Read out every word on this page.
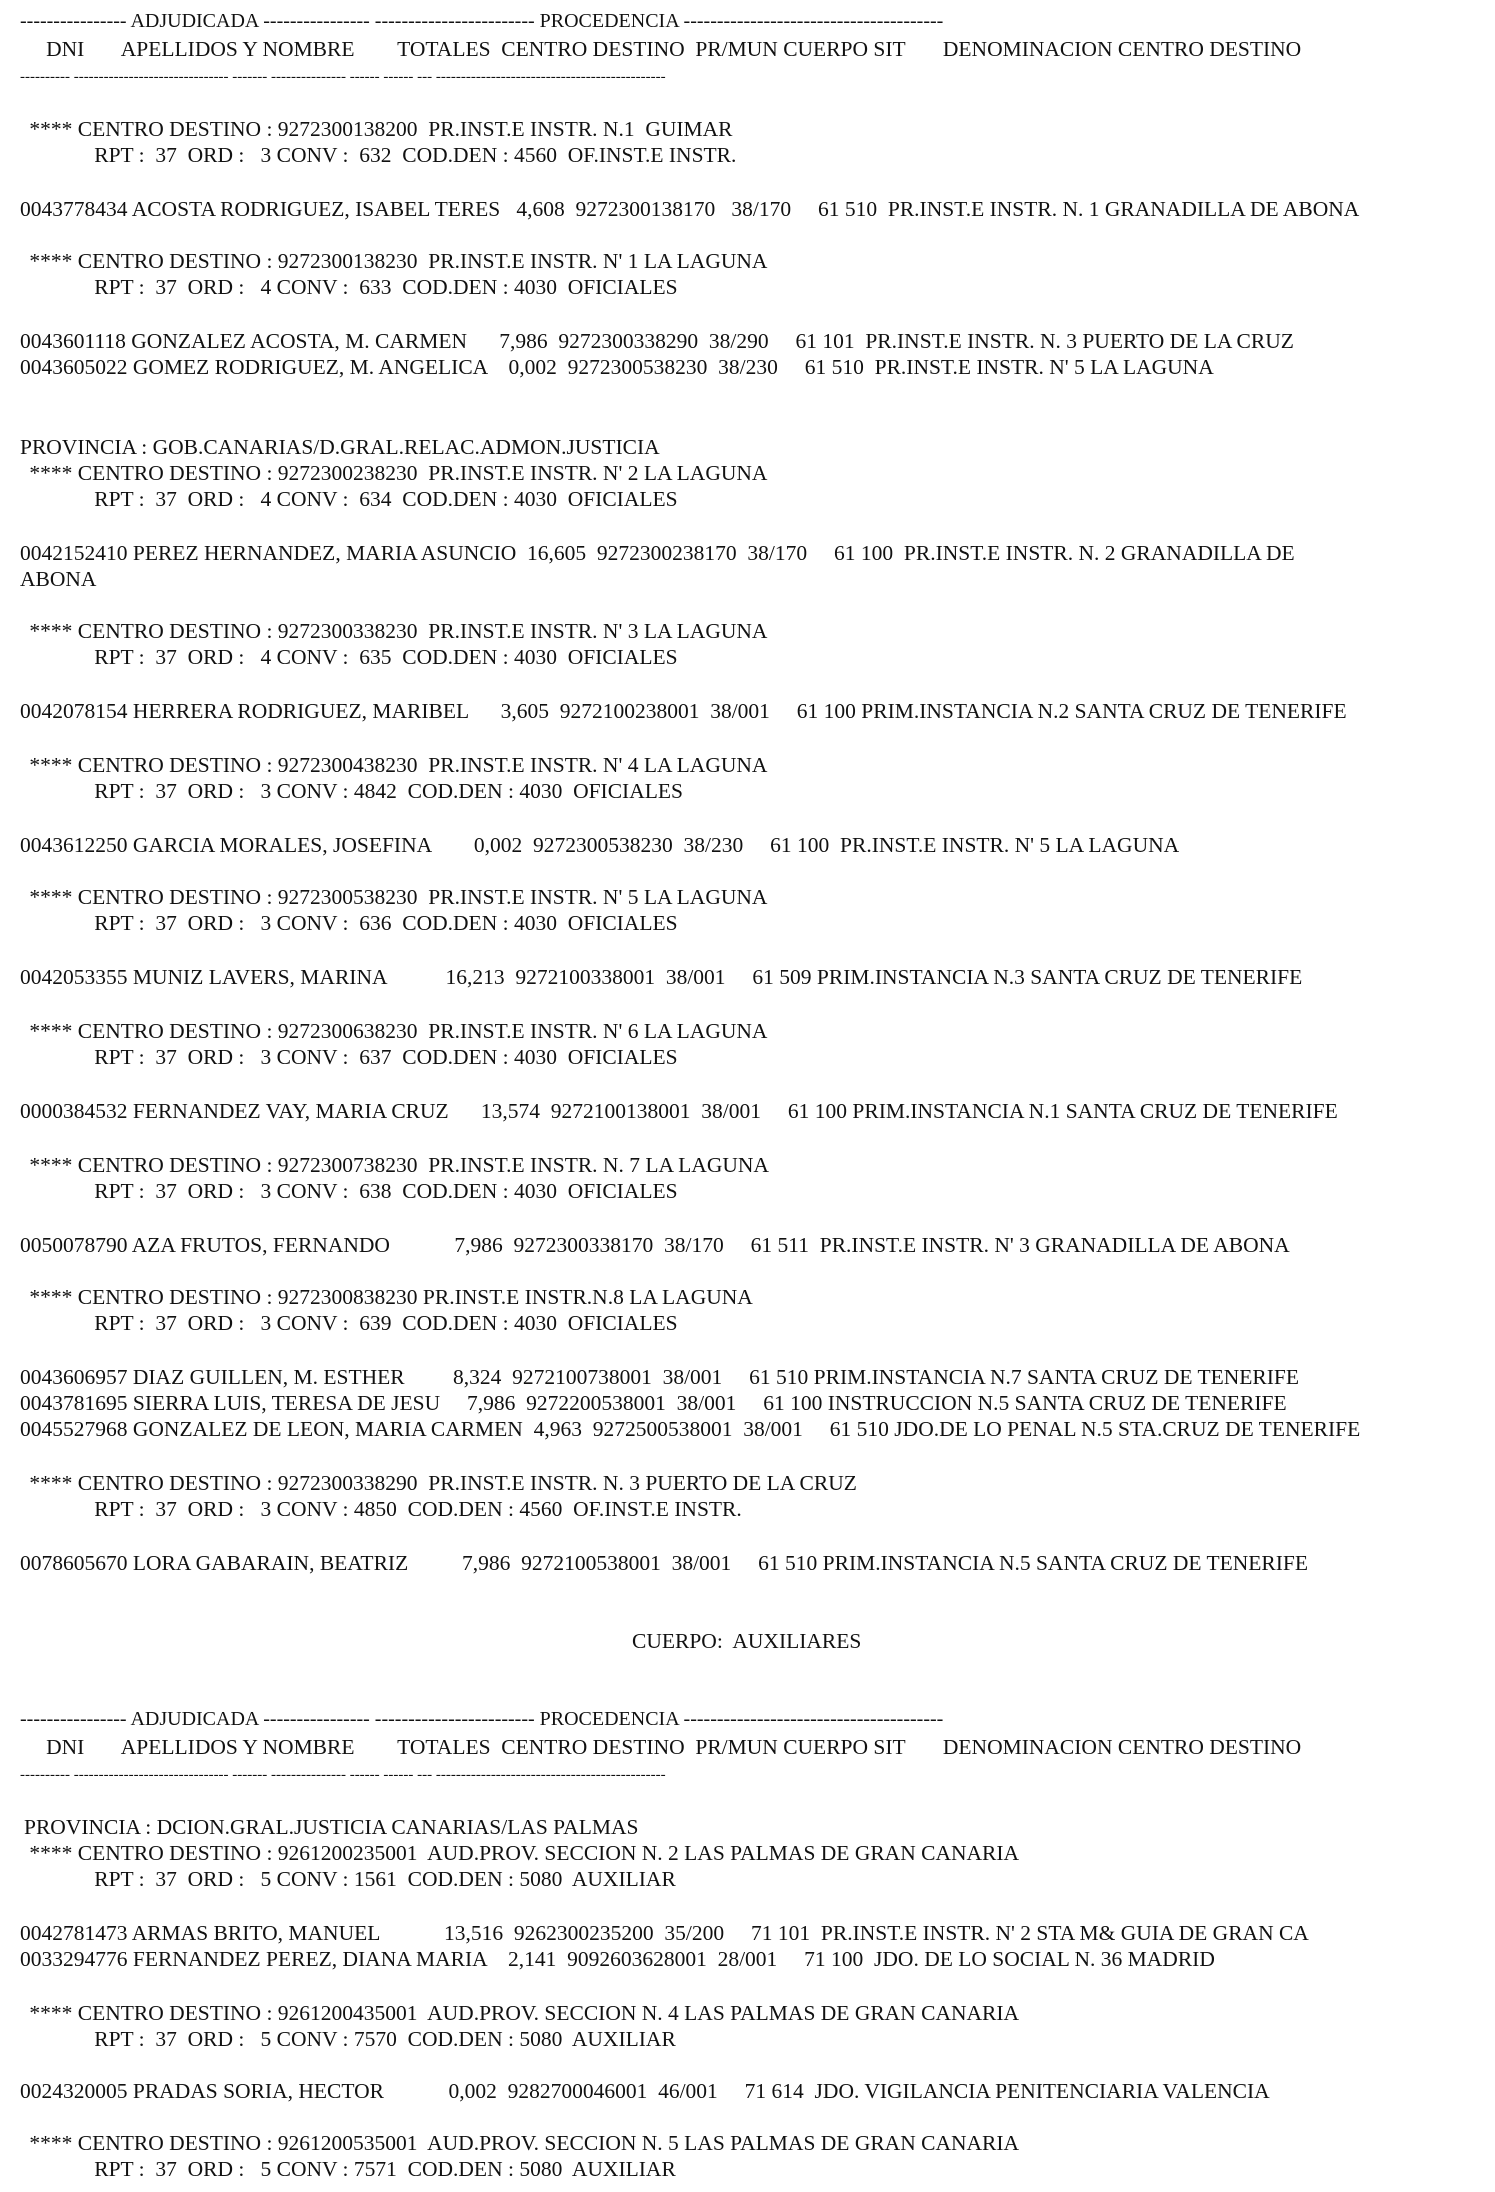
---------------- ADJUDICADA ---------------- ------------------------ PROCEDENCIA ---------------------------------------
DNI       APELLIDOS Y NOMBRE        TOTALES  CENTRO DESTINO  PR/MUN CUERPO SIT       DENOMINACION CENTRO DESTINO
---------- ------------------------------- ------- --------------- ------ ------ --- ----------------------------------------------
**** CENTRO DESTINO : 9272300138200  PR.INST.E INSTR. N.1  GUIMAR
RPT :  37  ORD :   3 CONV :  632  COD.DEN : 4560  OF.INST.E INSTR.
0043778434 ACOSTA RODRIGUEZ, ISABEL TERES   4,608  9272300138170   38/170     61 510  PR.INST.E INSTR. N. 1 GRANADILLA DE ABONA
**** CENTRO DESTINO : 9272300138230  PR.INST.E INSTR. N' 1 LA LAGUNA
RPT :  37  ORD :   4 CONV :  633  COD.DEN : 4030  OFICIALES
0043601118 GONZALEZ ACOSTA, M. CARMEN      7,986  9272300338290  38/290     61 101  PR.INST.E INSTR. N. 3 PUERTO DE LA CRUZ
0043605022 GOMEZ RODRIGUEZ, M. ANGELICA    0,002  9272300538230  38/230     61 510  PR.INST.E INSTR. N' 5 LA LAGUNA
PROVINCIA : GOB.CANARIAS/D.GRAL.RELAC.ADMON.JUSTICIA
**** CENTRO DESTINO : 9272300238230  PR.INST.E INSTR. N' 2 LA LAGUNA
RPT :  37  ORD :   4 CONV :  634  COD.DEN : 4030  OFICIALES
0042152410 PEREZ HERNANDEZ, MARIA ASUNCIO  16,605  9272300238170  38/170     61 100  PR.INST.E INSTR. N. 2 GRANADILLA DE
ABONA
**** CENTRO DESTINO : 9272300338230  PR.INST.E INSTR. N' 3 LA LAGUNA
RPT :  37  ORD :   4 CONV :  635  COD.DEN : 4030  OFICIALES
0042078154 HERRERA RODRIGUEZ, MARIBEL      3,605  9272100238001  38/001     61 100 PRIM.INSTANCIA N.2 SANTA CRUZ DE TENERIFE
**** CENTRO DESTINO : 9272300438230  PR.INST.E INSTR. N' 4 LA LAGUNA
RPT :  37  ORD :   3 CONV : 4842  COD.DEN : 4030  OFICIALES
0043612250 GARCIA MORALES, JOSEFINA        0,002  9272300538230  38/230     61 100  PR.INST.E INSTR. N' 5 LA LAGUNA
**** CENTRO DESTINO : 9272300538230  PR.INST.E INSTR. N' 5 LA LAGUNA
RPT :  37  ORD :   3 CONV :  636  COD.DEN : 4030  OFICIALES
0042053355 MUNIZ LAVERS, MARINA           16,213  9272100338001  38/001     61 509 PRIM.INSTANCIA N.3 SANTA CRUZ DE TENERIFE
**** CENTRO DESTINO : 9272300638230  PR.INST.E INSTR. N' 6 LA LAGUNA
RPT :  37  ORD :   3 CONV :  637  COD.DEN : 4030  OFICIALES
0000384532 FERNANDEZ VAY, MARIA CRUZ      13,574  9272100138001  38/001     61 100 PRIM.INSTANCIA N.1 SANTA CRUZ DE TENERIFE
**** CENTRO DESTINO : 9272300738230  PR.INST.E INSTR. N. 7 LA LAGUNA
RPT :  37  ORD :   3 CONV :  638  COD.DEN : 4030  OFICIALES
0050078790 AZA FRUTOS, FERNANDO            7,986  9272300338170  38/170     61 511  PR.INST.E INSTR. N' 3 GRANADILLA DE ABONA
**** CENTRO DESTINO : 9272300838230 PR.INST.E INSTR.N.8 LA LAGUNA
RPT :  37  ORD :   3 CONV :  639  COD.DEN : 4030  OFICIALES
0043606957 DIAZ GUILLEN, M. ESTHER         8,324  9272100738001  38/001     61 510 PRIM.INSTANCIA N.7 SANTA CRUZ DE TENERIFE
0043781695 SIERRA LUIS, TERESA DE JESU     7,986  9272200538001  38/001     61 100 INSTRUCCION N.5 SANTA CRUZ DE TENERIFE
0045527968 GONZALEZ DE LEON, MARIA CARMEN  4,963  9272500538001  38/001     61 510 JDO.DE LO PENAL N.5 STA.CRUZ DE TENERIFE
**** CENTRO DESTINO : 9272300338290  PR.INST.E INSTR. N. 3 PUERTO DE LA CRUZ
RPT :  37  ORD :   3 CONV : 4850  COD.DEN : 4560  OF.INST.E INSTR.
0078605670 LORA GABARAIN, BEATRIZ          7,986  9272100538001  38/001     61 510 PRIM.INSTANCIA N.5 SANTA CRUZ DE TENERIFE
CUERPO:  AUXILIARES
---------------- ADJUDICADA ---------------- ------------------------ PROCEDENCIA ---------------------------------------
DNI       APELLIDOS Y NOMBRE        TOTALES  CENTRO DESTINO  PR/MUN CUERPO SIT       DENOMINACION CENTRO DESTINO
---------- ------------------------------- ------- --------------- ------ ------ --- ----------------------------------------------
PROVINCIA : DCION.GRAL.JUSTICIA CANARIAS/LAS PALMAS
**** CENTRO DESTINO : 9261200235001  AUD.PROV. SECCION N. 2 LAS PALMAS DE GRAN CANARIA
RPT :  37  ORD :   5 CONV : 1561  COD.DEN : 5080  AUXILIAR
0042781473 ARMAS BRITO, MANUEL            13,516  9262300235200  35/200     71 101  PR.INST.E INSTR. N' 2 STA M& GUIA DE GRAN CA
0033294776 FERNANDEZ PEREZ, DIANA MARIA    2,141  9092603628001  28/001     71 100  JDO. DE LO SOCIAL N. 36 MADRID
**** CENTRO DESTINO : 9261200435001  AUD.PROV. SECCION N. 4 LAS PALMAS DE GRAN CANARIA
RPT :  37  ORD :   5 CONV : 7570  COD.DEN : 5080  AUXILIAR
0024320005 PRADAS SORIA, HECTOR            0,002  9282700046001  46/001     71 614  JDO. VIGILANCIA PENITENCIARIA VALENCIA
**** CENTRO DESTINO : 9261200535001  AUD.PROV. SECCION N. 5 LAS PALMAS DE GRAN CANARIA
RPT :  37  ORD :   5 CONV : 7571  COD.DEN : 5080  AUXILIAR
